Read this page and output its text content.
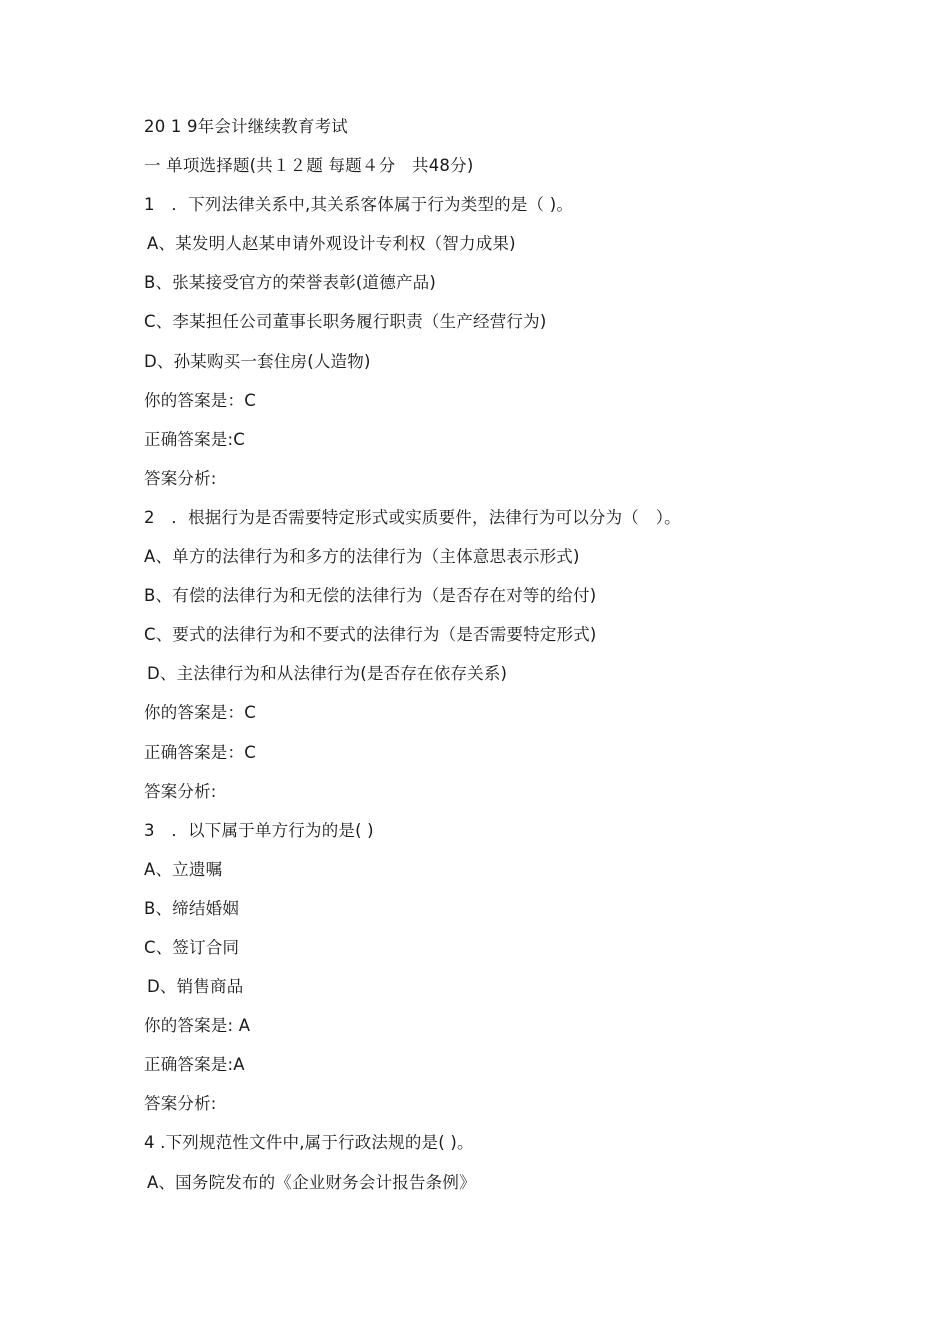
20 1 9年会计继续教育考试
一 单项选择题(共１２题 每题４分　共48分)
1　．下列法律关系中,其关系客体属于行为类型的是（ )。
A、某发明人赵某申请外观设计专利权（智力成果)
B、张某接受官方的荣誉表彰(道德产品)
C、李某担任公司董事长职务履行职责（生产经营行为)
D、孙某购买一套住房(人造物)
你的答案是：C
正确答案是:C
答案分析:
2　．根据行为是否需要特定形式或实质要件，法律行为可以分为（　）。
A、单方的法律行为和多方的法律行为（主体意思表示形式)
B、有偿的法律行为和无偿的法律行为（是否存在对等的给付)
C、要式的法律行为和不要式的法律行为（是否需要特定形式)
D、主法律行为和从法律行为(是否存在依存关系)
你的答案是：C
正确答案是：C
答案分析:
3　．以下属于单方行为的是( )
A、立遗嘱
B、缔结婚姻
C、签订合同
D、销售商品
你的答案是: A
正确答案是:A
答案分析:
4 .下列规范性文件中,属于行政法规的是( )。
A、国务院发布的《企业财务会计报告条例》
